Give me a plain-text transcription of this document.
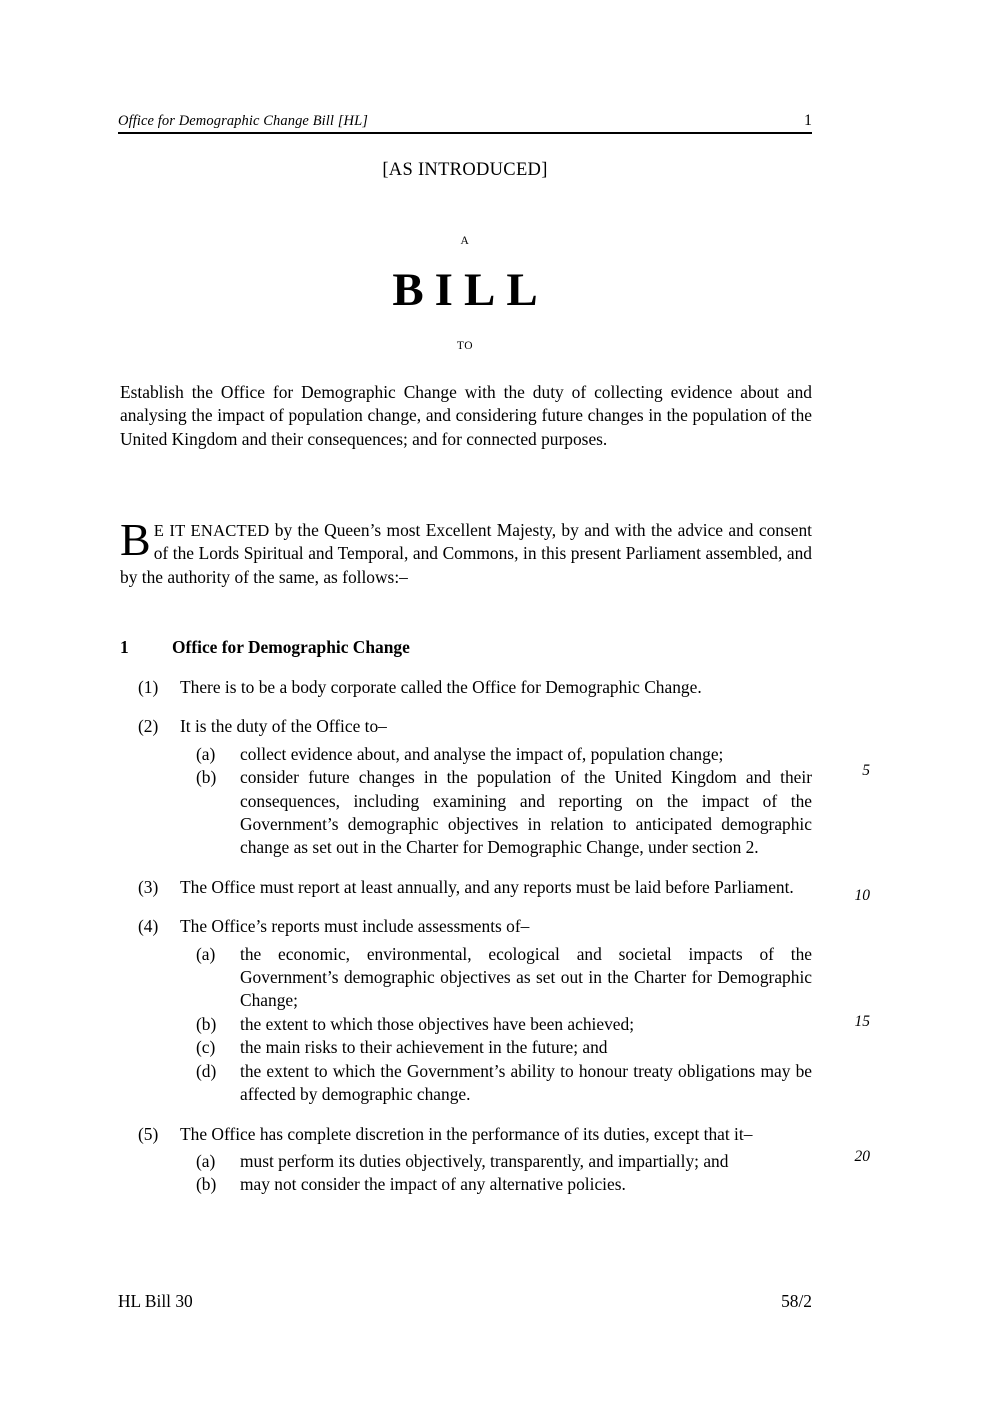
Office for Demographic Change Bill [HL]	1
[AS INTRODUCED]
A
BILL
TO
Establish the Office for Demographic Change with the duty of collecting evidence about and analysing the impact of population change, and considering future changes in the population of the United Kingdom and their consequences; and for connected purposes.
B E IT ENACTED by the Queen’s most Excellent Majesty, by and with the advice and consent of the Lords Spiritual and Temporal, and Commons, in this present Parliament assembled, and by the authority of the same, as follows:–
1	Office for Demographic Change
(1)	There is to be a body corporate called the Office for Demographic Change.
(2)	It is the duty of the Office to–
(a)	collect evidence about, and analyse the impact of, population change;
(b)	consider future changes in the population of the United Kingdom and their consequences, including examining and reporting on the impact of the Government’s demographic objectives in relation to anticipated demographic change as set out in the Charter for Demographic Change, under section 2.
(3)	The Office must report at least annually, and any reports must be laid before Parliament.
(4)	The Office’s reports must include assessments of–
(a)	the economic, environmental, ecological and societal impacts of the Government’s demographic objectives as set out in the Charter for Demographic Change;
(b)	the extent to which those objectives have been achieved;
(c)	the main risks to their achievement in the future; and
(d)	the extent to which the Government’s ability to honour treaty obligations may be affected by demographic change.
(5)	The Office has complete discretion in the performance of its duties, except that it–
(a)	must perform its duties objectively, transparently, and impartially; and
(b)	may not consider the impact of any alternative policies.
5
10
15
20
HL Bill 30	58/2
